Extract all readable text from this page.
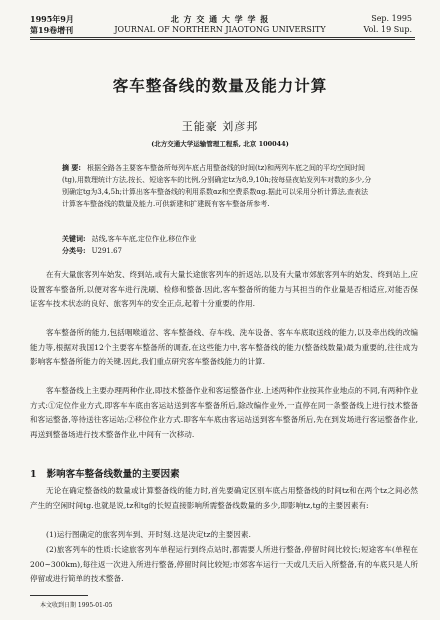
1995年9月
第19卷增刊
北 方 交 通 大 学 学 报
JOURNAL OF NORTHERN JIAOTONG UNIVERSITY
Sep. 1995
Vol. 19 Sup.
客车整备线的数量及能力计算
王能豪 刘彦邦
(北方交通大学运输管理工程系, 北京 100044)
摘 要: 根据全路各主要客车整备所每列车底占用整备线的时间(tz)和两列车底之间的平均空间时间(tg),用数理统计方法,按长、短途客车的比例,分别确定tz为8,9,10h;按每昼夜始发列车对数的多少,分别确定tg为3,4,5h;计算出客车整备线的利用系数αz和空费系数αg.据此可以采用分析计算法,查表法计算客车整备线的数量及能力.可供新建和扩建既有客车整备所参考.
关键词: 站线,客车车底,定位作业,移位作业
分类号: U291.67

在有大量旅客列车始发、终到站,或有大量长途旅客列车的折返站,以及有大量市郊旅客列车的始发、终到站上,应设置客车整备所,以便对客车进行洗刷、检修和整备.因此,客车整备所的能力与其担当的作业量是否相适应,对能否保证客车技术状态的良好、旅客列车的安全正点,起着十分重要的作用.

客车整备所的能力,包括咽喉道岔、客车整备线、存车线、洗车设备、客车车底取送线的能力,以及牵出线的改编能力等,根据对我国12个主要客车整备所的调查,在这些能力中,客车整备线的能力(整备线数量)最为重要的,往往成为影响客车整备所能力的关键.因此,我们重点研究客车整备线能力的计算.

客车整备线上主要办理两种作业,即技术整备作业和客运整备作业.上述两种作业按其作业地点的不同,有两种作业方式:①定位作业方式,即客车车底由客运站送到客车整备所后,除改编作业外,一直停在同一条整备线上进行技术整备和客运整备,等待送往客运站;②移位作业方式.即客车车底由客运站送到客车整备所后,先在到发场进行客运整备作业,再送到整备场进行技术整备作业,中间有一次移动.

1 影响客车整备线数量的主要因素

无论在确定整备线的数量或计算整备线的能力时,首先要确定区别车底占用整备线的时间tz和在两个tz之间必然产生的空闲时间tg.也就是说,tz和tg的长短直接影响所需整备线数量的多少,即影响tz,tg的主要因素有:

(1)运行图确定的旅客列车到、开时刻.这是决定tz的主要因素.

(2)旅客列车的性质:长途旅客列车单程运行到终点站时,都需要人所进行整备,停留时间比较长;短途客车(单程在200~300km),每往返一次进入所进行整备,停留时间比较短;市郊客车运行一天或几天后入所整备,有的车底只是人所停留或进行简单的技术整备.

本文收到日期 1995-01-05
